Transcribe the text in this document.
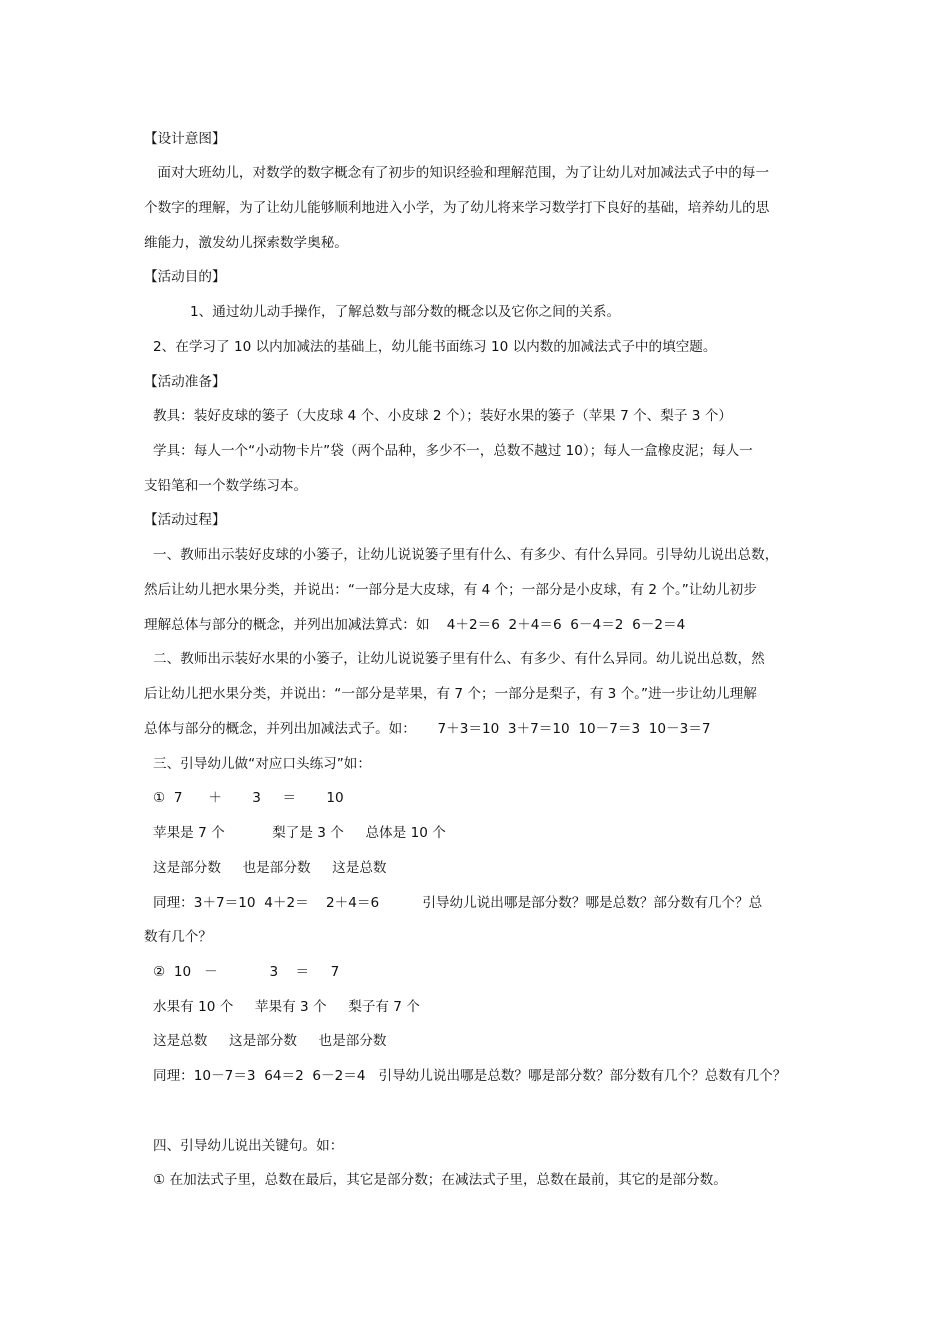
【设计意图】
面对大班幼儿，对数学的数字概念有了初步的知识经验和理解范围，为了让幼儿对加减法式子中的每一
个数字的理解，为了让幼儿能够顺利地进入小学，为了幼儿将来学习数学打下良好的基础，培养幼儿的思
维能力，激发幼儿探索数学奥秘。
【活动目的】
1、通过幼儿动手操作，了解总数与部分数的概念以及它你之间的关系。
2、在学习了 10 以内加减法的基础上，幼儿能书面练习 10 以内数的加减法式子中的填空题。
【活动准备】
教具：装好皮球的篓子（大皮球 4 个、小皮球 2 个）；装好水果的篓子（苹果 7 个、梨子 3 个）
学具：每人一个“小动物卡片”袋（两个品种，多少不一，总数不越过 10）；每人一盒橡皮泥；每人一
支铅笔和一个数学练习本。
【活动过程】
一、教师出示装好皮球的小篓子，让幼儿说说篓子里有什么、有多少、有什么异同。引导幼儿说出总数，
然后让幼儿把水果分类，并说出：“一部分是大皮球，有 4 个；一部分是小皮球，有 2 个。”让幼儿初步
理解总体与部分的概念，并列出加减法算式：如    4＋2＝6  2＋4＝6  6－4＝2  6－2＝4
二、教师出示装好水果的小篓子，让幼儿说说篓子里有什么、有多少、有什么异同。幼儿说出总数，然
后让幼儿把水果分类，并说出：“一部分是苹果，有 7 个；一部分是梨子，有 3 个。”进一步让幼儿理解
总体与部分的概念，并列出加减法式子。如：     7＋3＝10  3＋7＝10  10－7＝3  10－3＝7
三、引导幼儿做“对应口头练习”如：
①  7      ＋       3     ＝       10
苹果是 7 个           梨了是 3 个     总体是 10 个
这是部分数     也是部分数     这是总数
同理：3＋7＝10  4＋2＝    2＋4＝6          引导幼儿说出哪是部分数？哪是总数？部分数有几个？总
数有几个？
②  10   －            3    ＝     7
水果有 10 个     苹果有 3 个     梨子有 7 个
这是总数     这是部分数     也是部分数
同理：10－7＝3  64＝2  6－2＝4   引导幼儿说出哪是总数？哪是部分数？部分数有几个？总数有几个？
四、引导幼儿说出关键句。如：
① 在加法式子里，总数在最后，其它是部分数；在减法式子里，总数在最前，其它的是部分数。
